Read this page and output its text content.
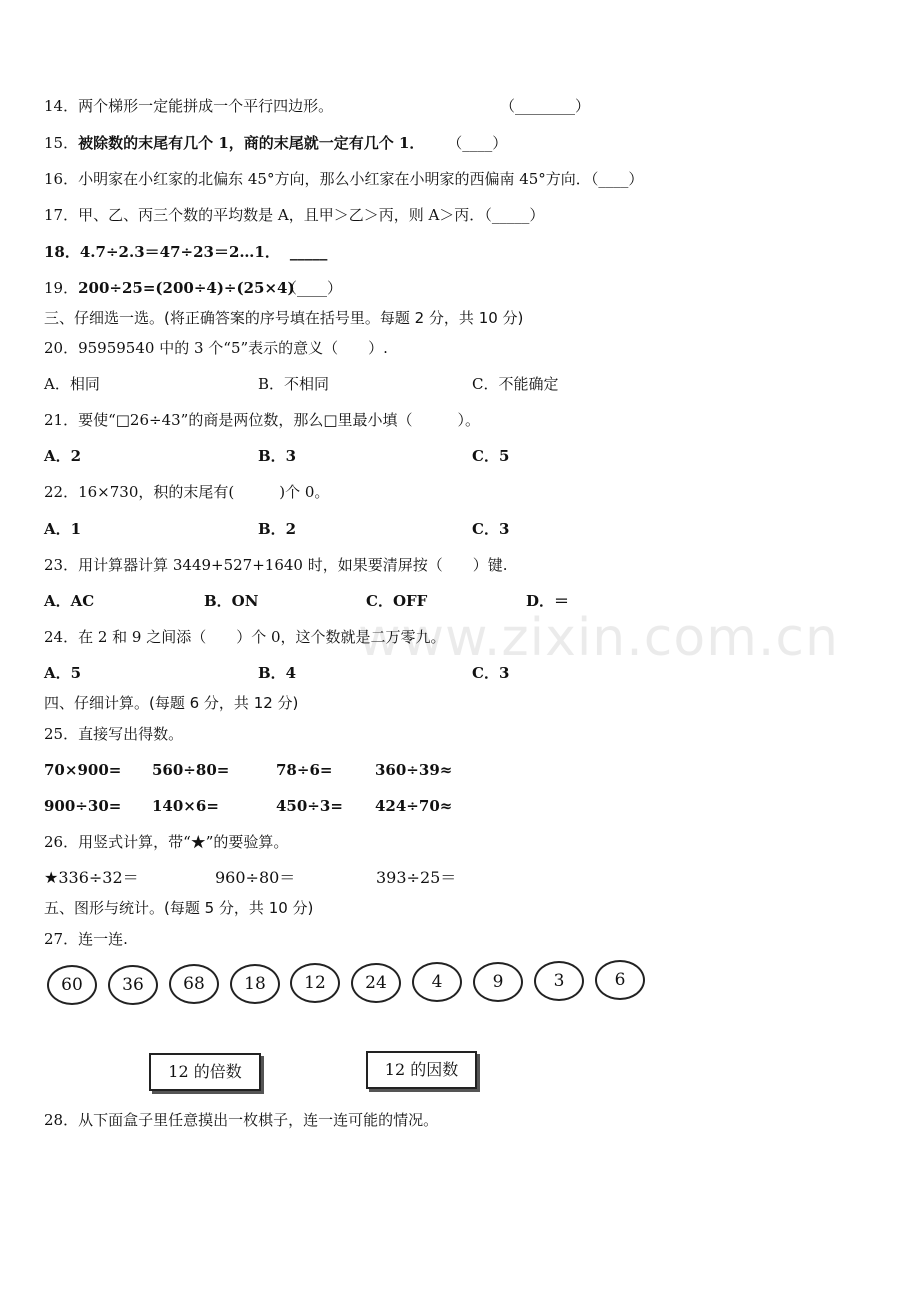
www.zixin.com.cn
14．两个梯形一定能拼成一个平行四边形。	（________）
15．被除数的末尾有几个 1，商的末尾就一定有几个 1． （____）
16．小明家在小红家的北偏东 45°方向，那么小红家在小明家的西偏南 45°方向．（____）
17．甲、乙、丙三个数的平均数是 A，且甲＞乙＞丙，则 A＞丙．（_____）
18．4.7÷2.3＝47÷23＝2…1． _____
19．200÷25=(200÷4)÷(25×4)
（____）
三、仔细选一选。(将正确答案的序号填在括号里。每题 2 分，共 10 分)
20．95959540 中的 3 个“5”表示的意义（　　）.
A．相同	B．不相同	C．不能确定
21．要使“□26÷43”的商是两位数，那么□里最小填（　　　）。
A．2	B．3	C．5
22．16×730，积的末尾有(　　　)个 0。
A．1	B．2	C．3
23．用计算器计算 3449+527+1640 时，如果要清屏按（　　）键.
A．AC	B．ON	C．OFF	D．＝
24．在 2 和 9 之间添（　　）个 0，这个数就是二万零九。
A．5	B．4	C．3
四、仔细计算。(每题 6 分，共 12 分)
25．直接写出得数。
70×900= 560÷80=	78÷6=	360÷39≈
900÷30= 140×6=	450÷3= 424÷70≈
26．用竖式计算，带“★”的要验算。
★336÷32＝	960÷80＝	393÷25＝
五、图形与统计。(每题 5 分，共 10 分)
27．连一连.
60	36	68	18	12	24	4	9	3	6
12 的倍数	12 的因数
28．从下面盒子里任意摸出一枚棋子，连一连可能的情况。
